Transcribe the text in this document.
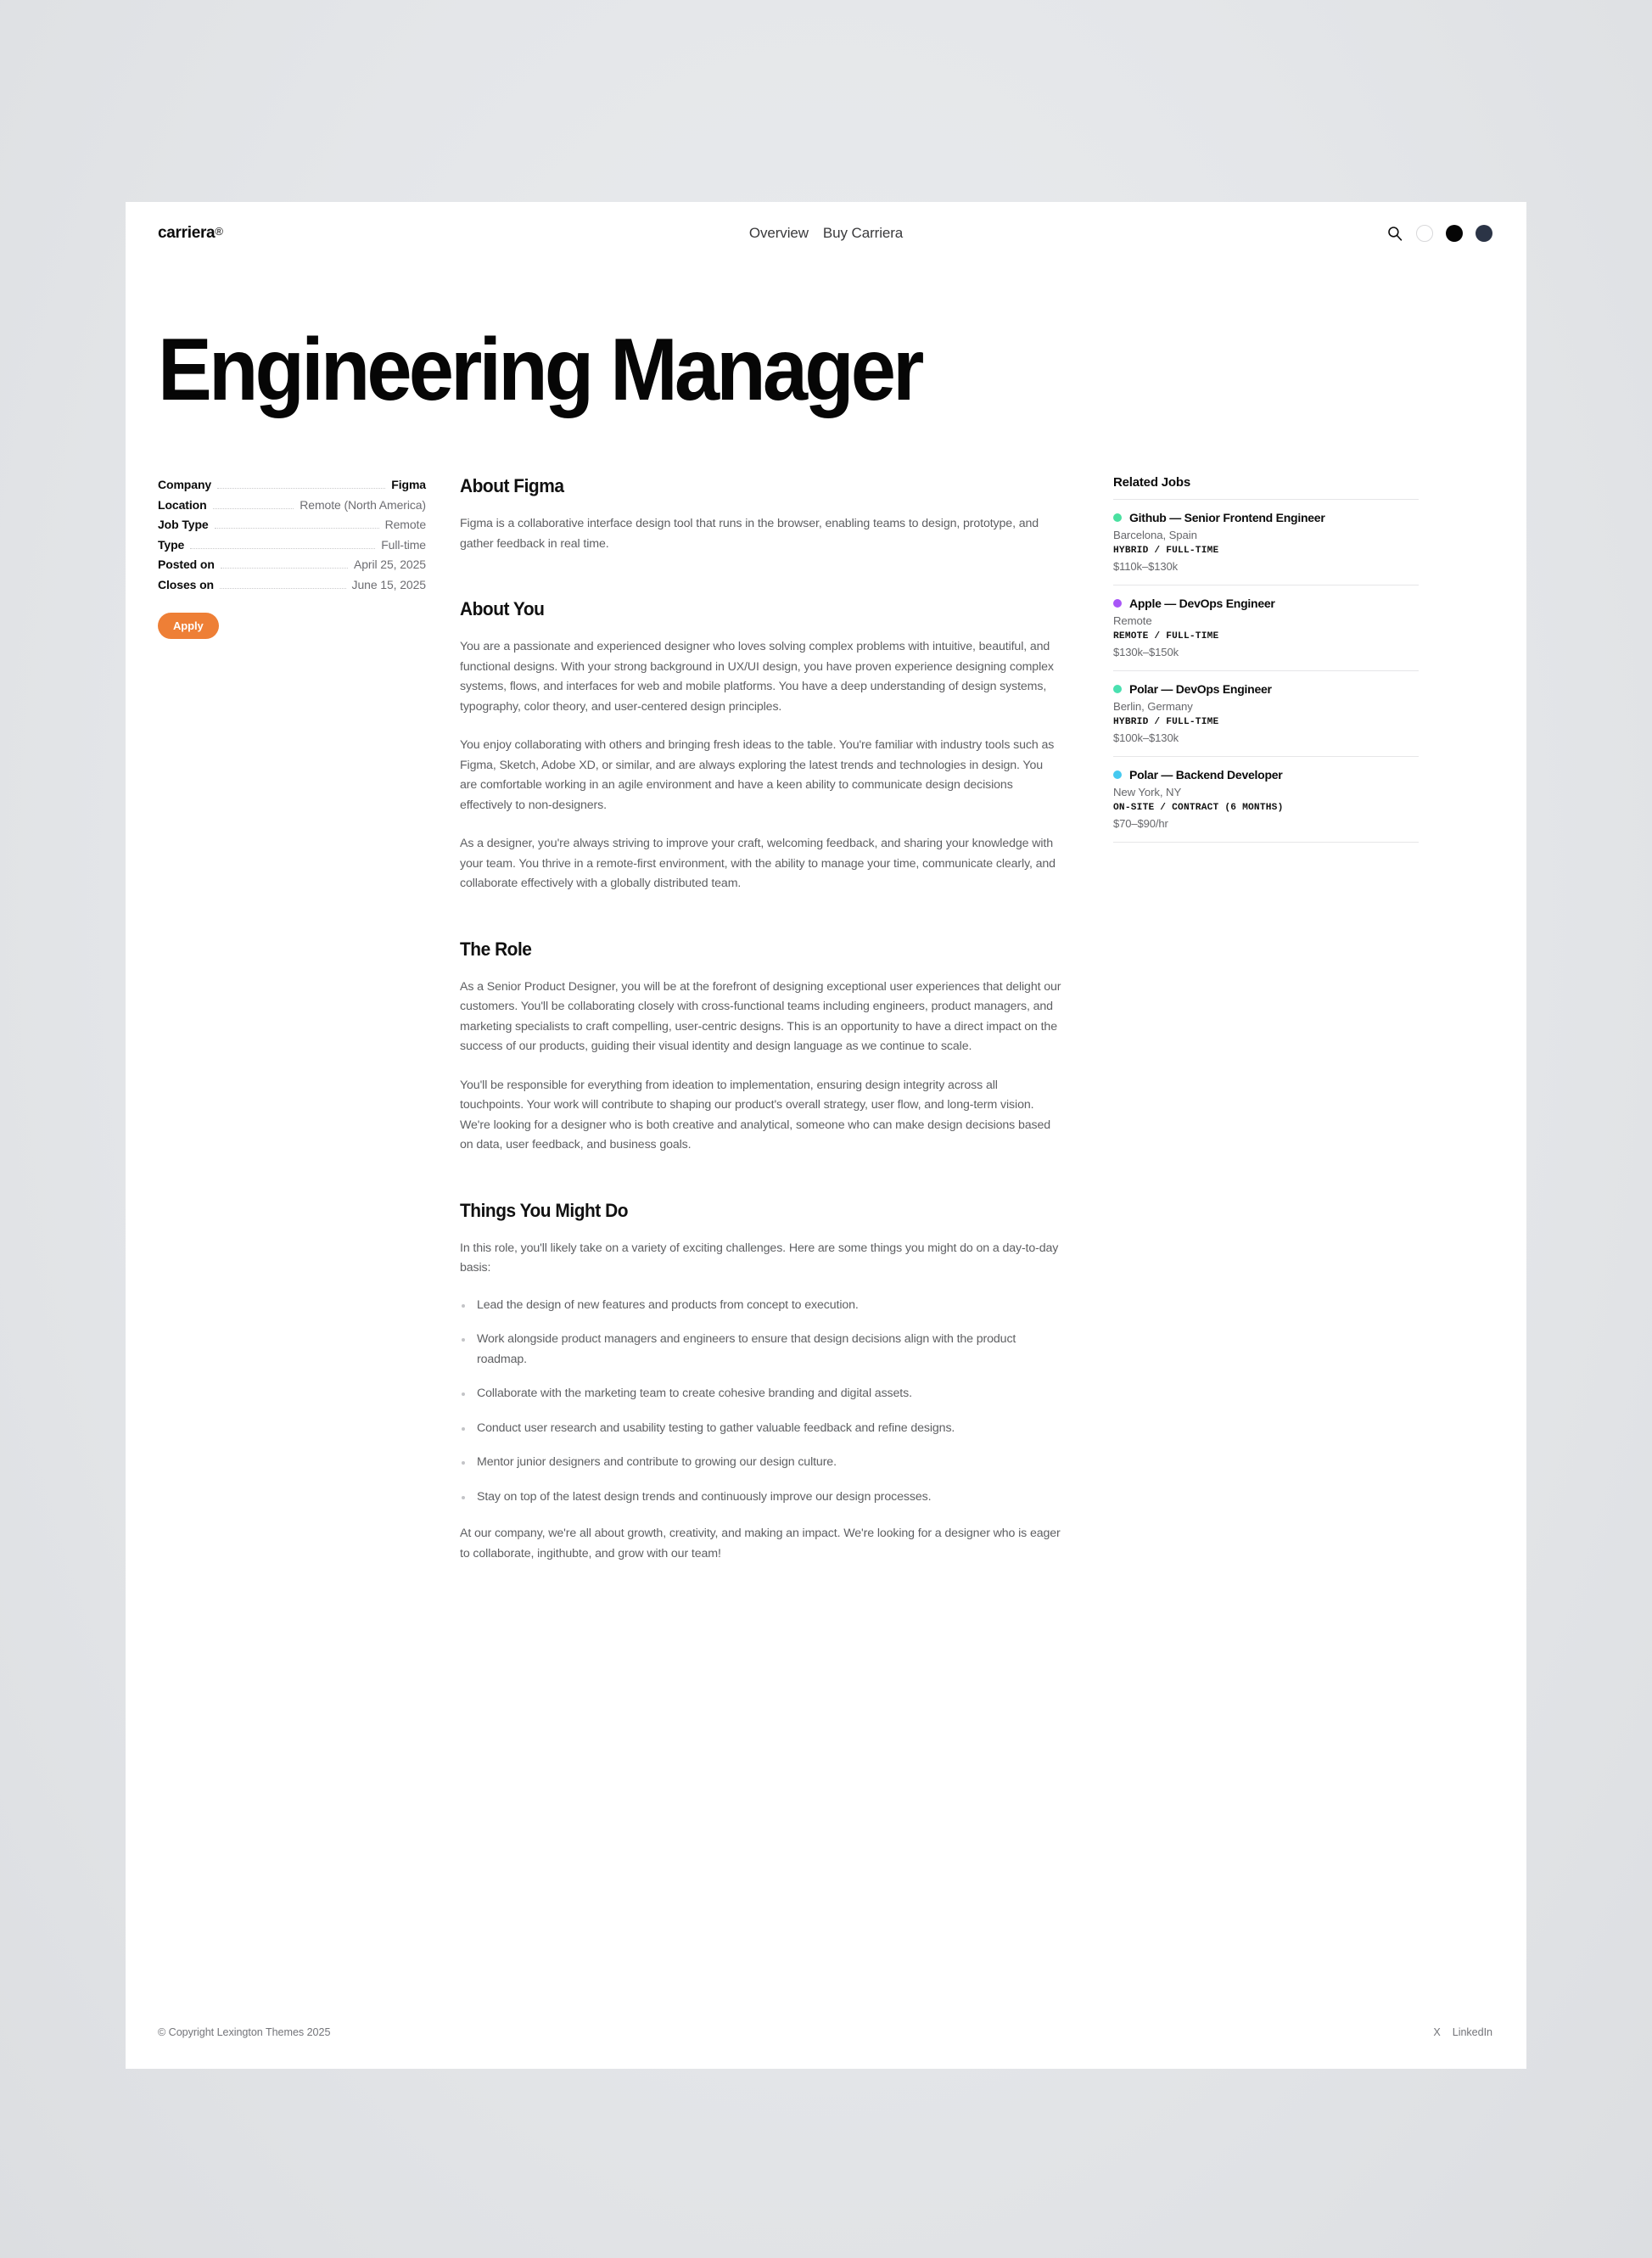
carriera®	Overview Buy Carriera
Engineering Manager
Company	Figma
Location	Remote (North America)
Job Type	Remote
Type	Full-time
Posted on	April 25, 2025
Closes on	June 15, 2025
Apply
About Figma

Figma is a collaborative interface design tool that runs in the browser, enabling teams to design, prototype, and gather feedback in real time.

About You

You are a passionate and experienced designer who loves solving complex problems with intuitive, beautiful, and functional designs. With your strong background in UX/UI design, you have proven experience designing complex systems, flows, and interfaces for web and mobile platforms. You have a deep understanding of design systems, typography, color theory, and user-centered design principles.

You enjoy collaborating with others and bringing fresh ideas to the table. You're familiar with industry tools such as Figma, Sketch, Adobe XD, or similar, and are always exploring the latest trends and technologies in design. You are comfortable working in an agile environment and have a keen ability to communicate design decisions effectively to non-designers.

As a designer, you're always striving to improve your craft, welcoming feedback, and sharing your knowledge with your team. You thrive in a remote-first environment, with the ability to manage your time, communicate clearly, and collaborate effectively with a globally distributed team.

The Role

As a Senior Product Designer, you will be at the forefront of designing exceptional user experiences that delight our customers. You'll be collaborating closely with cross-functional teams including engineers, product managers, and marketing specialists to craft compelling, user-centric designs. This is an opportunity to have a direct impact on the success of our products, guiding their visual identity and design language as we continue to scale.

You'll be responsible for everything from ideation to implementation, ensuring design integrity across all touchpoints. Your work will contribute to shaping our product's overall strategy, user flow, and long-term vision. We're looking for a designer who is both creative and analytical, someone who can make design decisions based on data, user feedback, and business goals.

Things You Might Do

In this role, you'll likely take on a variety of exciting challenges. Here are some things you might do on a day-to-day basis:

Lead the design of new features and products from concept to execution.
Work alongside product managers and engineers to ensure that design decisions align with the product roadmap.
Collaborate with the marketing team to create cohesive branding and digital assets.
Conduct user research and usability testing to gather valuable feedback and refine designs.
Mentor junior designers and contribute to growing our design culture.
Stay on top of the latest design trends and continuously improve our design processes.

At our company, we're all about growth, creativity, and making an impact. We're looking for a designer who is eager to collaborate, ingithubte, and grow with our team!

Related Jobs
Github — Senior Frontend Engineer
Barcelona, Spain
HYBRID / FULL-TIME
$110k–$130k
Apple — DevOps Engineer
Remote
REMOTE / FULL-TIME
$130k–$150k
Polar — DevOps Engineer
Berlin, Germany
HYBRID / FULL-TIME
$100k–$130k
Polar — Backend Developer
New York, NY
ON-SITE / CONTRACT (6 MONTHS)
$70–$90/hr
© Copyright Lexington Themes 2025	X LinkedIn
